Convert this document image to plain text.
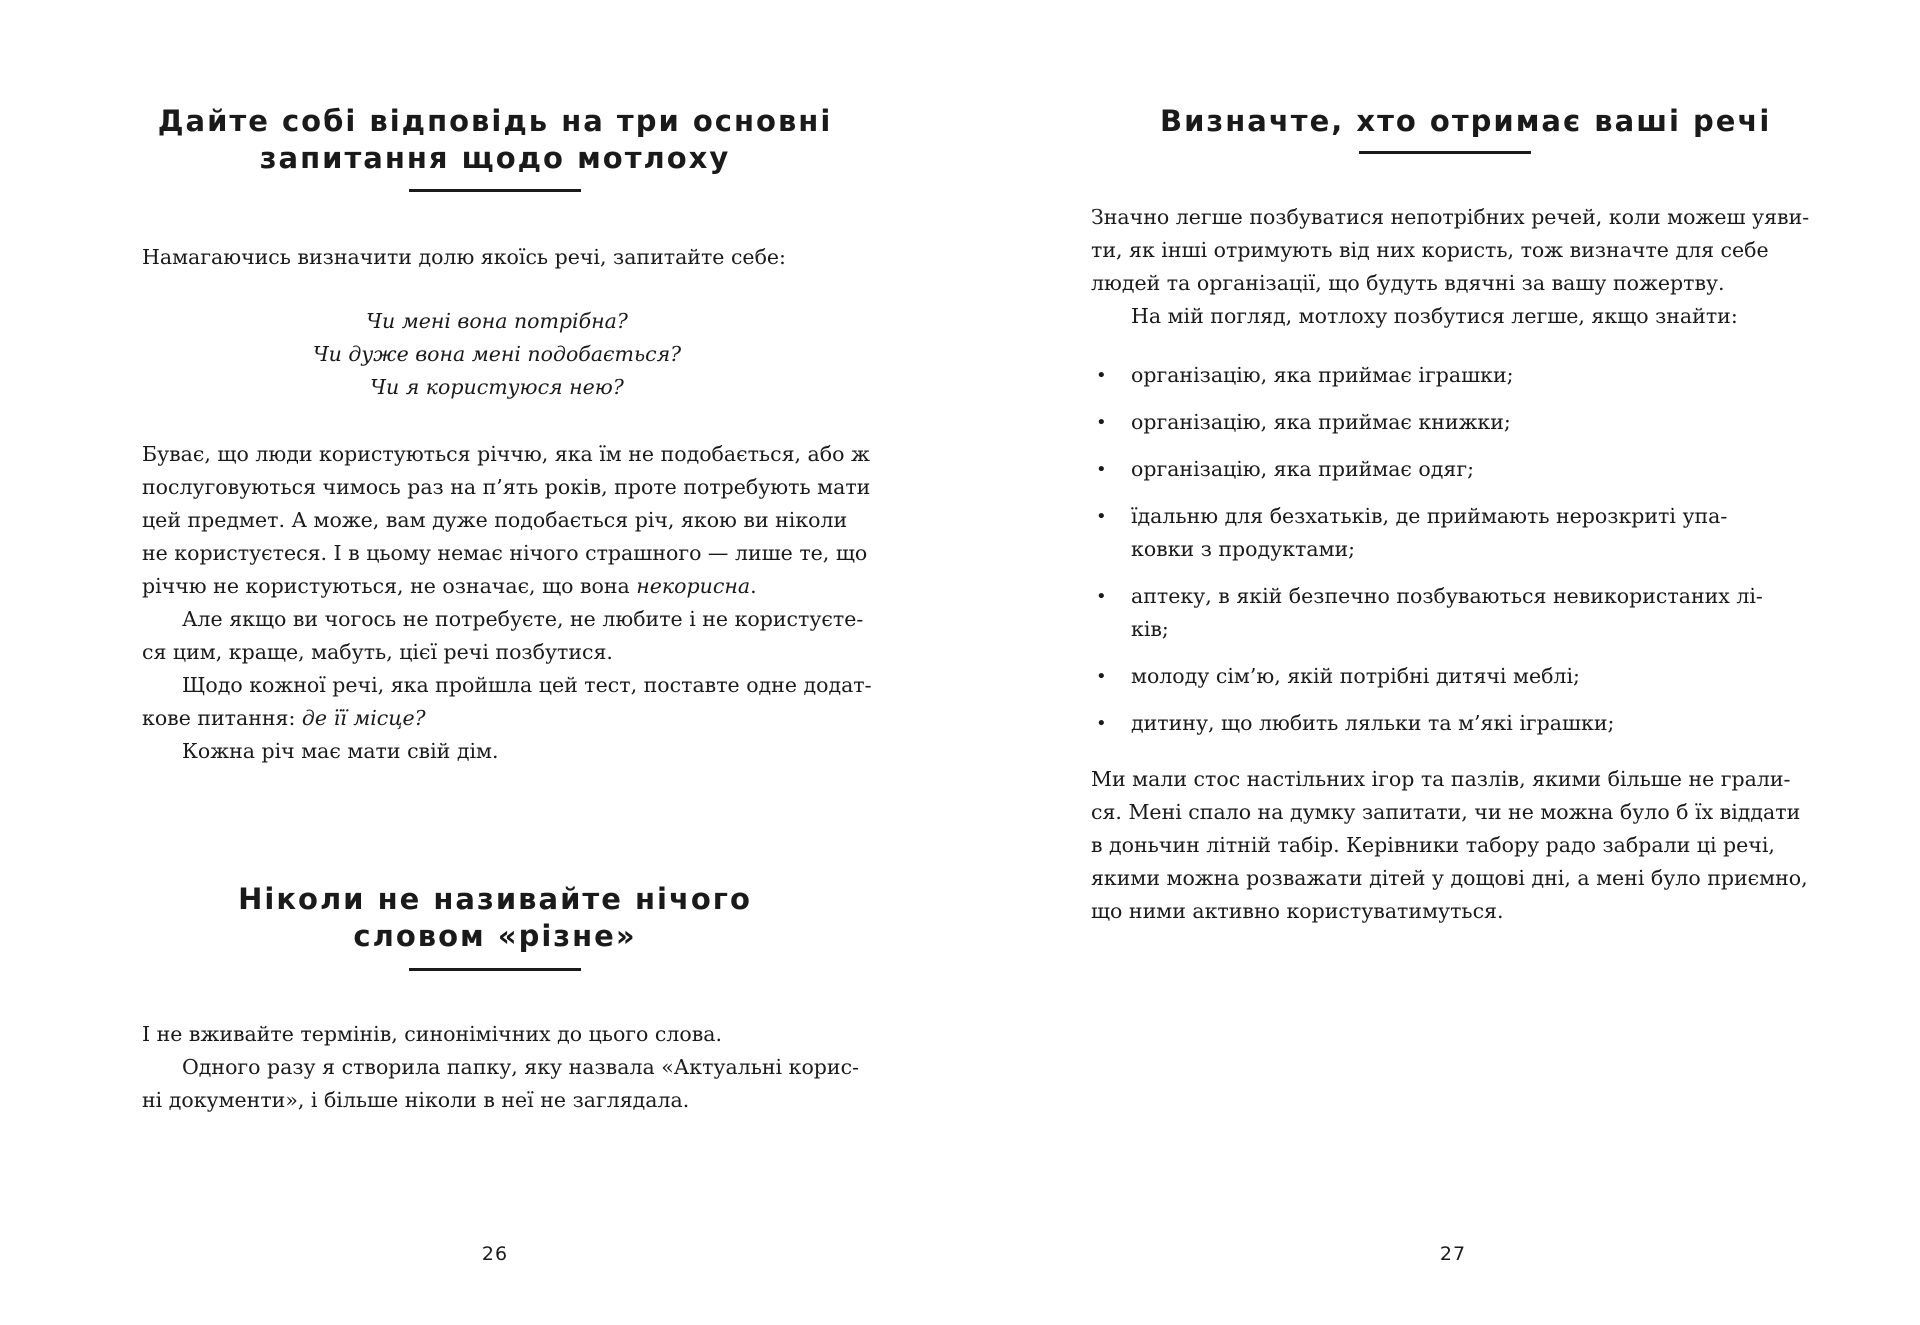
Дайте собі відповідь на три основні
запитання щодо мотлоху

Намагаючись визначити долю якоїсь речі, запитайте себе:

Чи мені вона потрібна?

Чи дуже вона мені подобається?

Чи я користуюся нею?

Буває, що люди користуються річчю, яка їм не подобається, або ж

послуговуються чимось раз на п’ять років, проте потребують мати

цей предмет. А може, вам дуже подобається річ, якою ви ніколи

не користуєтеся. І в цьому немає нічого страшного — лише те, що

річчю не користуються, не означає, що вона некорисна.

Але якщо ви чогось не потребуєте, не любите і не користуєте-

ся цим, краще, мабуть, цієї речі позбутися.

Щодо кожної речі, яка пройшла цей тест, поставте одне додат-

кове питання: де її місце?

Кожна річ має мати свій дім.

Ніколи не називайте нічого
словом «різне»

І не вживайте термінів, синонімічних до цього слова.

Одного разу я створила папку, яку назвала «Актуальні корис-

ні документи», і більше ніколи в неї не заглядала.

26
Визначте, хто отримає ваші речі

Значно легше позбуватися непотрібних речей, коли можеш уяви-

ти, як інші отримують від них користь, тож визначте для себе

людей та організації, що будуть вдячні за вашу пожертву.

На мій погляд, мотлоху позбутися легше, якщо знайти:

• організацію, яка приймає іграшки;
• організацію, яка приймає книжки;
• організацію, яка приймає одяг;
• їдальню для безхатьків, де приймають нерозкриті упа-
ковки з продуктами;
• аптеку, в якій безпечно позбуваються невикористаних лі-
ків;
• молоду сім’ю, якій потрібні дитячі меблі;
• дитину, що любить ляльки та м’які іграшки;

Ми мали стос настільних ігор та пазлів, якими більше не грали-

ся. Мені спало на думку запитати, чи не можна було б їх віддати

в доньчин літній табір. Керівники табору радо забрали ці речі,

якими можна розважати дітей у дощові дні, а мені було приємно,

що ними активно користуватимуться.

27
